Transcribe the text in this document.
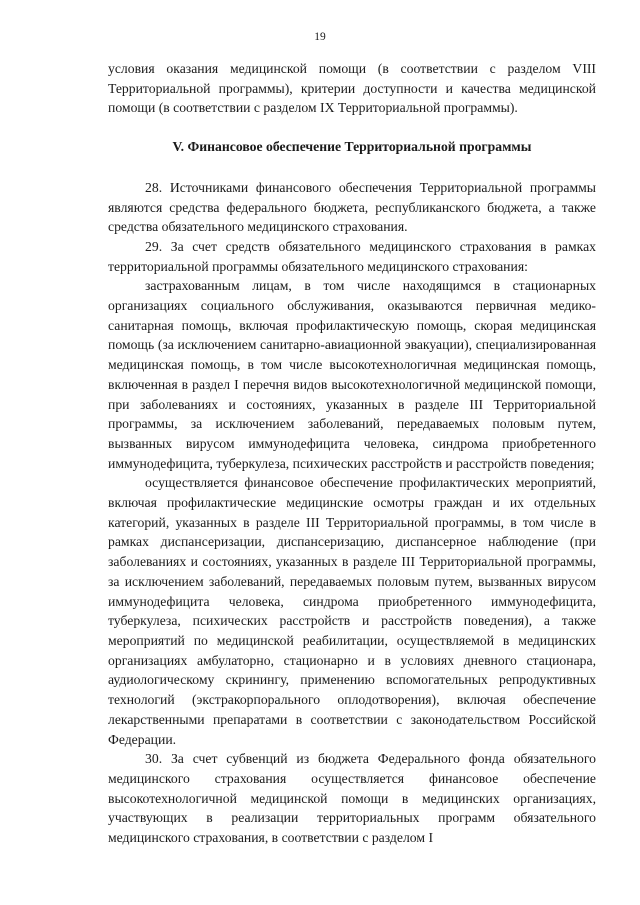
19

условия оказания медицинской помощи (в соответствии с разделом VIII Территориальной программы), критерии доступности и качества медицинской помощи (в соответствии с разделом IX Территориальной программы).

V. Финансовое обеспечение Территориальной программы

28. Источниками финансового обеспечения Территориальной программы являются средства федерального бюджета, республиканского бюджета, а также средства обязательного медицинского страхования.

29. За счет средств обязательного медицинского страхования в рамках территориальной программы обязательного медицинского страхования:

застрахованным лицам, в том числе находящимся в стационарных организациях социального обслуживания, оказываются первичная медико-санитарная помощь, включая профилактическую помощь, скорая медицинская помощь (за исключением санитарно-авиационной эвакуации), специализированная медицинская помощь, в том числе высокотехнологичная медицинская помощь, включенная в раздел I перечня видов высокотехнологичной медицинской помощи, при заболеваниях и состояниях, указанных в разделе III Территориальной программы, за исключением заболеваний, передаваемых половым путем, вызванных вирусом иммунодефицита человека, синдрома приобретенного иммунодефицита, туберкулеза, психических расстройств и расстройств поведения;

осуществляется финансовое обеспечение профилактических мероприятий, включая профилактические медицинские осмотры граждан и их отдельных категорий, указанных в разделе III Территориальной программы, в том числе в рамках диспансеризации, диспансеризацию, диспансерное наблюдение (при заболеваниях и состояниях, указанных в разделе III Территориальной программы, за исключением заболеваний, передаваемых половым путем, вызванных вирусом иммунодефицита человека, синдрома приобретенного иммунодефицита, туберкулеза, психических расстройств и расстройств поведения), а также мероприятий по медицинской реабилитации, осуществляемой в медицинских организациях амбулаторно, стационарно и в условиях дневного стационара, аудиологическому скринингу, применению вспомогательных репродуктивных технологий (экстракорпорального оплодотворения), включая обеспечение лекарственными препаратами в соответствии с законодательством Российской Федерации.

30. За счет субвенций из бюджета Федерального фонда обязательного медицинского страхования осуществляется финансовое обеспечение высокотехнологичной медицинской помощи в медицинских организациях, участвующих в реализации территориальных программ обязательного медицинского страхования, в соответствии с разделом I
